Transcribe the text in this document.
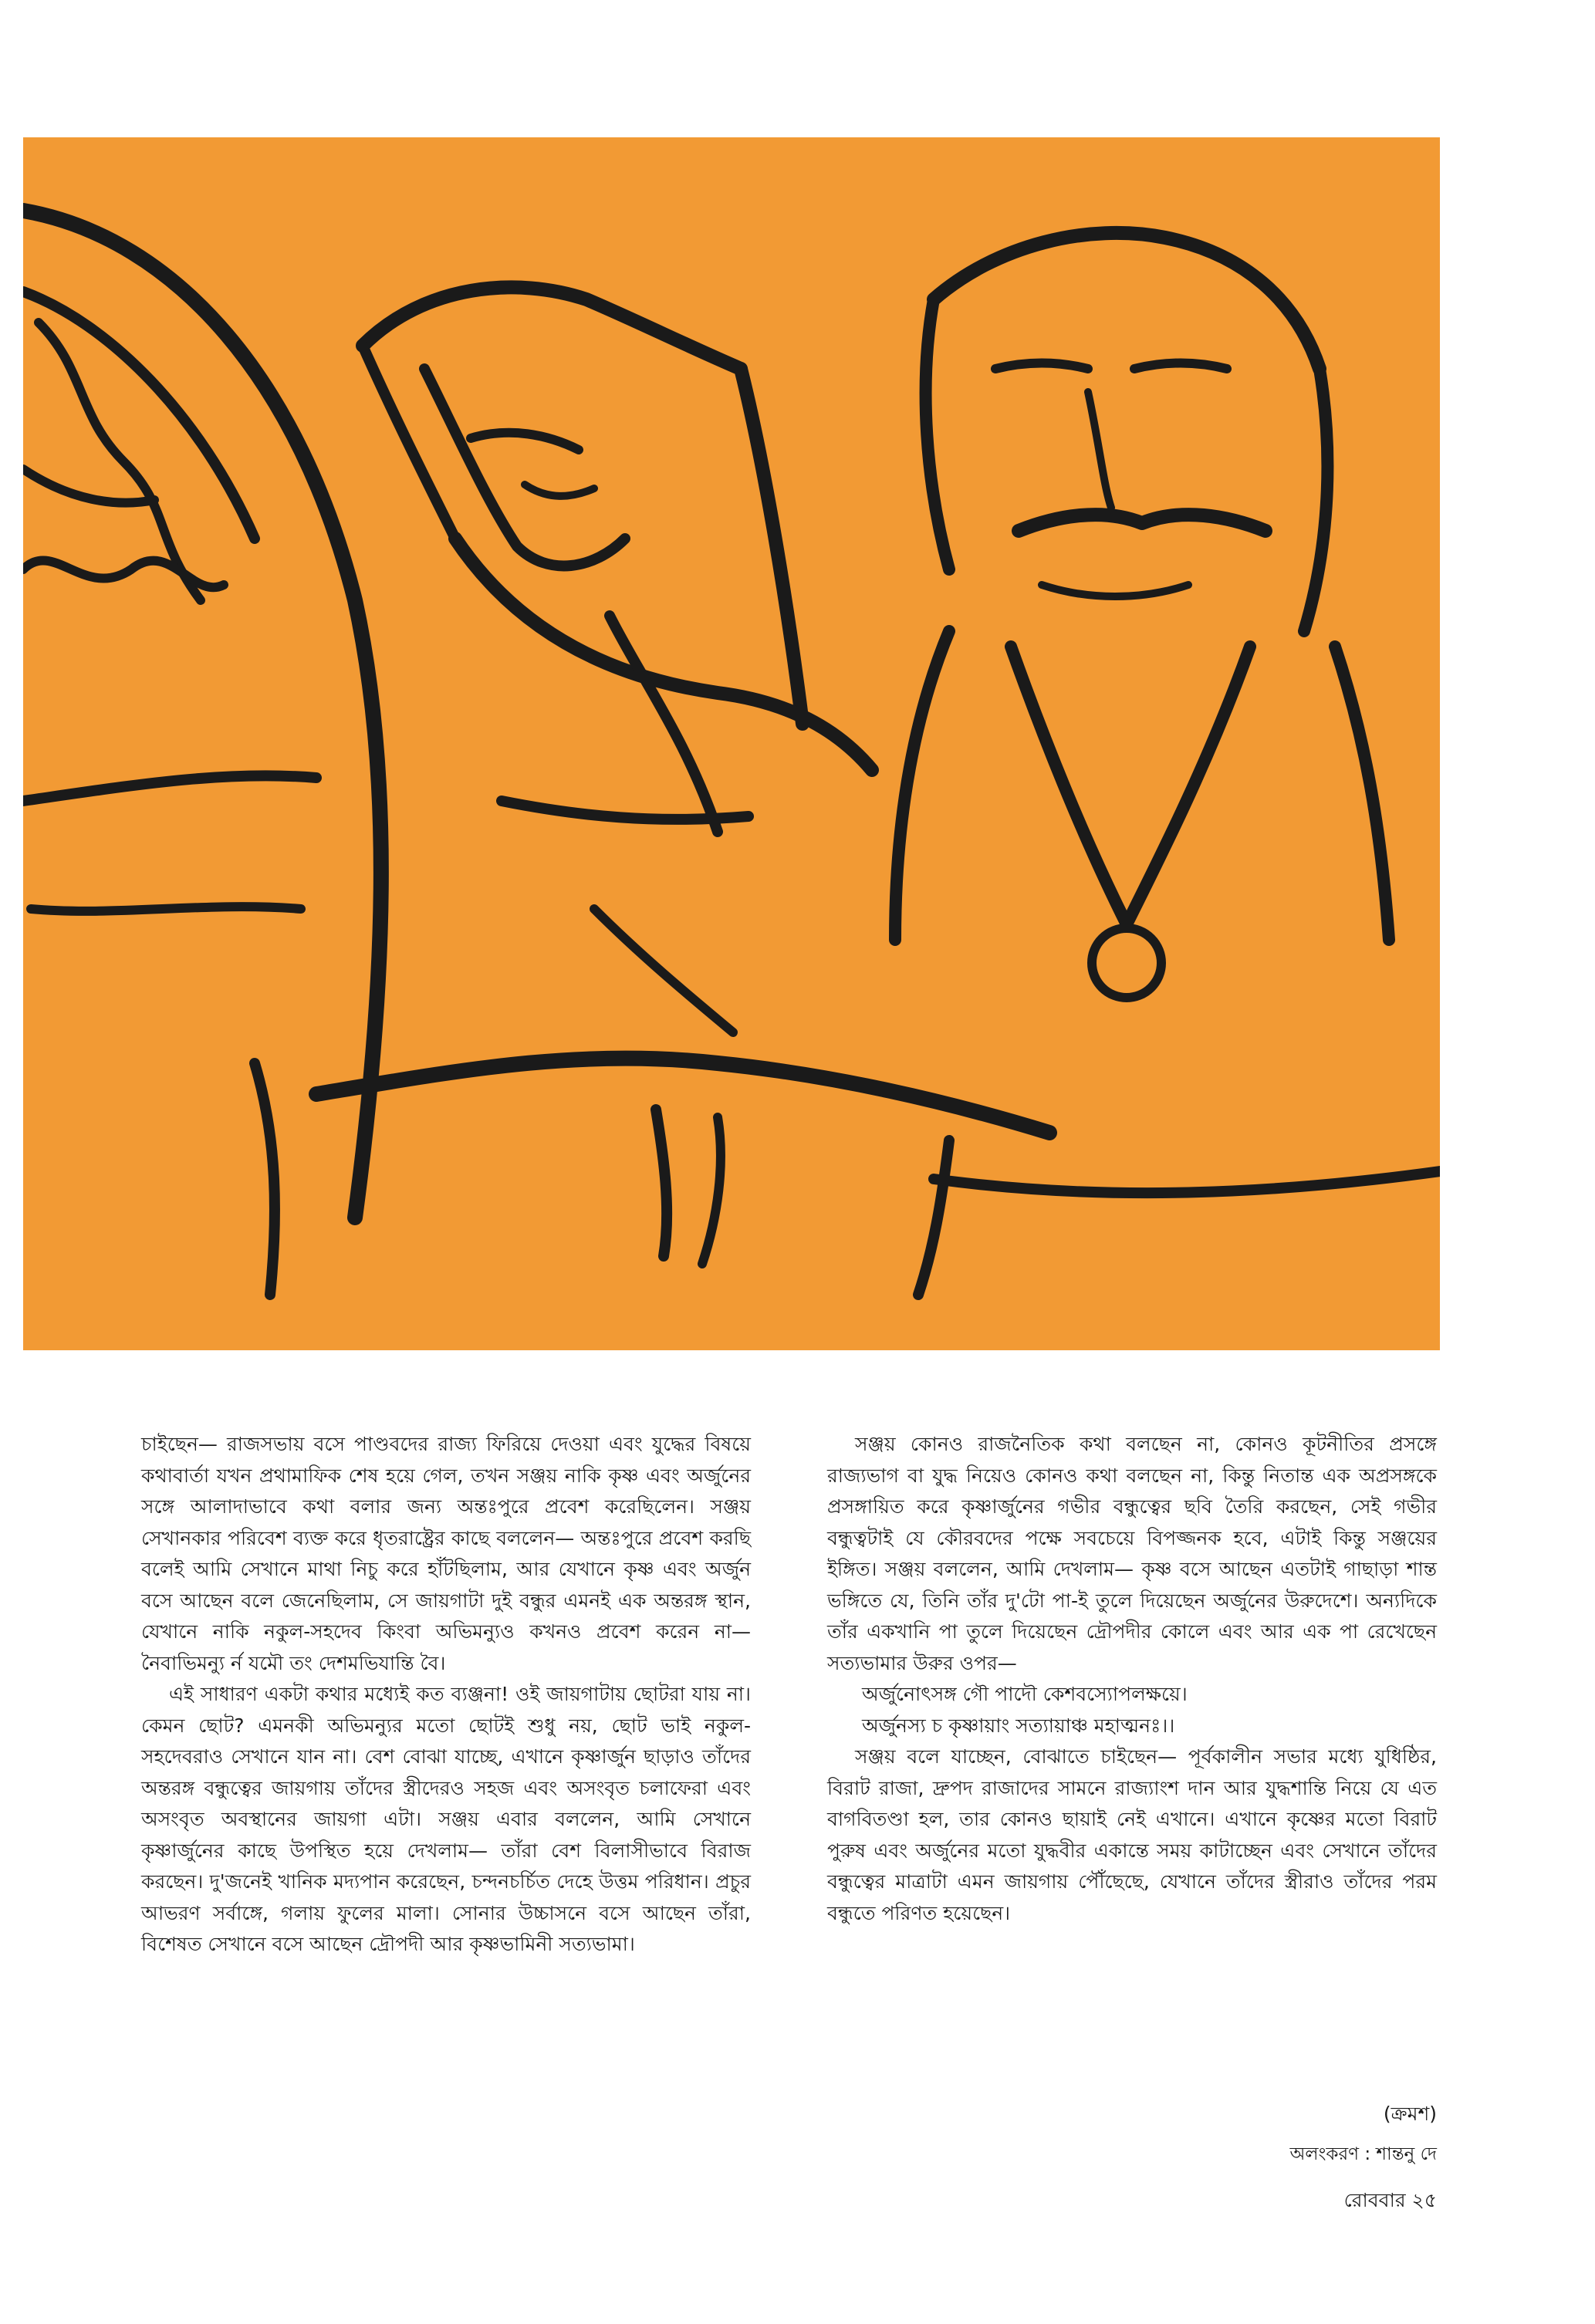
চাইছেন— রাজসভায় বসে পাণ্ডবদের রাজ্য ফিরিয়ে দেওয়া এবং যুদ্ধের বিষয়ে কথাবার্তা যখন প্রথামাফিক শেষ হয়ে গেল, তখন সঞ্জয় নাকি কৃষ্ণ এবং অর্জুনের সঙ্গে আলাদাভাবে কথা বলার জন্য অন্তঃপুরে প্রবেশ করেছিলেন। সঞ্জয় সেখানকার পরিবেশ ব্যক্ত করে ধৃতরাষ্ট্রের কাছে বললেন— অন্তঃপুরে প্রবেশ করছি বলেই আমি সেখানে মাথা নিচু করে হাঁটছিলাম, আর যেখানে কৃষ্ণ এবং অর্জুন বসে আছেন বলে জেনেছিলাম, সে জায়গাটা দুই বন্ধুর এমনই এক অন্তরঙ্গ স্থান, যেখানে নাকি নকুল-সহদেব কিংবা অভিমন্যুও কখনও প্রবেশ করেন না— নৈবাভিমন্যু র্ন যমৌ তং দেশমভিযান্তি বৈ।

এই সাধারণ একটা কথার মধ্যেই কত ব্যঞ্জনা! ওই জায়গাটায় ছোটরা যায় না। কেমন ছোট? এমনকী অভিমন্যুর মতো ছোটই শুধু নয়, ছোট ভাই নকুল-সহদেবরাও সেখানে যান না। বেশ বোঝা যাচ্ছে, এখানে কৃষ্ণার্জুন ছাড়াও তাঁদের অন্তরঙ্গ বন্ধুত্বের জায়গায় তাঁদের স্ত্রীদেরও সহজ এবং অসংবৃত চলাফেরা এবং অসংবৃত অবস্থানের জায়গা এটা। সঞ্জয় এবার বললেন, আমি সেখানে কৃষ্ণার্জুনের কাছে উপস্থিত হয়ে দেখলাম— তাঁরা বেশ বিলাসীভাবে বিরাজ করছেন। দু'জনেই খানিক মদ্যপান করেছেন, চন্দনচর্চিত দেহে উত্তম পরিধান। প্রচুর আভরণ সর্বাঙ্গে, গলায় ফুলের মালা। সোনার উচ্চাসনে বসে আছেন তাঁরা, বিশেষত সেখানে বসে আছেন দ্রৌপদী আর কৃষ্ণভামিনী সত্যভামা।

সঞ্জয় কোনও রাজনৈতিক কথা বলছেন না, কোনও কূটনীতির প্রসঙ্গে রাজ্যভাগ বা যুদ্ধ নিয়েও কোনও কথা বলছেন না, কিন্তু নিতান্ত এক অপ্রসঙ্গকে প্রসঙ্গায়িত করে কৃষ্ণার্জুনের গভীর বন্ধুত্বের ছবি তৈরি করছেন, সেই গভীর বন্ধুত্বটাই যে কৌরবদের পক্ষে সবচেয়ে বিপজ্জনক হবে, এটাই কিন্তু সঞ্জয়ের ইঙ্গিত। সঞ্জয় বললেন, আমি দেখলাম— কৃষ্ণ বসে আছেন এতটাই গাছাড়া শান্ত ভঙ্গিতে যে, তিনি তাঁর দু'টো পা-ই তুলে দিয়েছেন অর্জুনের উরুদেশে। অন্যদিকে তাঁর একখানি পা তুলে দিয়েছেন দ্রৌপদীর কোলে এবং আর এক পা রেখেছেন সত্যভামার উরুর ওপর—

অর্জুনোৎসঙ্গ গৌ পাদৌ কেশবস্যোপলক্ষয়ে।

অর্জুনস্য চ কৃষ্ণায়াং সত্যায়াঞ্চ মহাত্মনঃ।।

সঞ্জয় বলে যাচ্ছেন, বোঝাতে চাইছেন— পূর্বকালীন সভার মধ্যে যুধিষ্ঠির, বিরাট রাজা, দ্রুপদ রাজাদের সামনে রাজ্যাংশ দান আর যুদ্ধশান্তি নিয়ে যে এত বাগবিতণ্ডা হল, তার কোনও ছায়াই নেই এখানে। এখানে কৃষ্ণের মতো বিরাট পুরুষ এবং অর্জুনের মতো যুদ্ধবীর একান্তে সময় কাটাচ্ছেন এবং সেখানে তাঁদের বন্ধুত্বের মাত্রাটা এমন জায়গায় পৌঁছেছে, যেখানে তাঁদের স্ত্রীরাও তাঁদের পরম বন্ধুতে পরিণত হয়েছেন।

(ক্রমশ)
অলংকরণ : শান্তনু দে
রোববার ২৫
